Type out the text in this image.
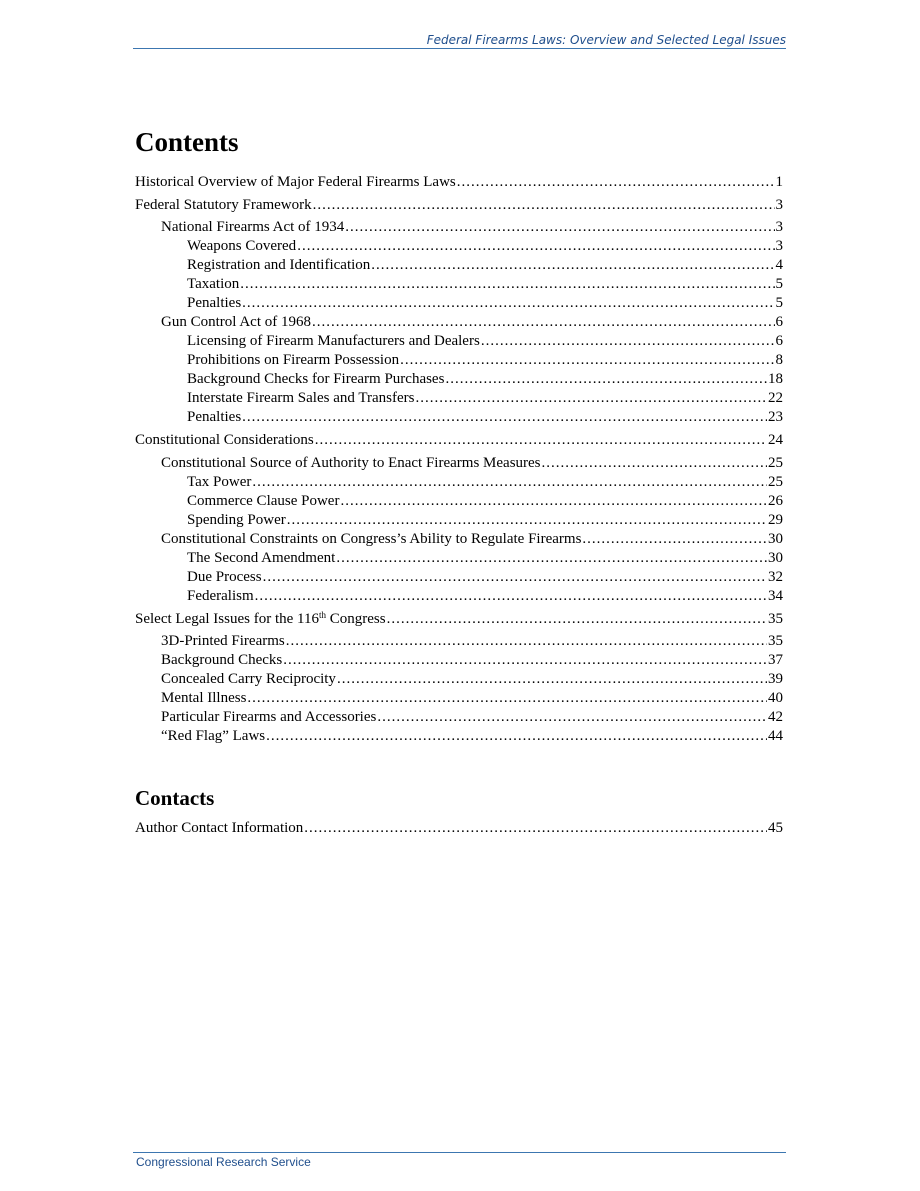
Federal Firearms Laws: Overview and Selected Legal Issues
Contents
Historical Overview of Major Federal Firearms Laws .....	1
Federal Statutory Framework .....	3
National Firearms Act of 1934 .....	3
Weapons Covered .....	3
Registration and Identification .....	4
Taxation .....	5
Penalties .....	5
Gun Control Act of 1968 .....	6
Licensing of Firearm Manufacturers and Dealers .....	6
Prohibitions on Firearm Possession .....	8
Background Checks for Firearm Purchases .....	18
Interstate Firearm Sales and Transfers .....	22
Penalties .....	23
Constitutional Considerations .....	24
Constitutional Source of Authority to Enact Firearms Measures .....	25
Tax Power .....	25
Commerce Clause Power .....	26
Spending Power .....	29
Constitutional Constraints on Congress’s Ability to Regulate Firearms .....	30
The Second Amendment .....	30
Due Process .....	32
Federalism .....	34
Select Legal Issues for the 116th Congress .....	35
3D-Printed Firearms .....	35
Background Checks .....	37
Concealed Carry Reciprocity .....	39
Mental Illness .....	40
Particular Firearms and Accessories .....	42
“Red Flag” Laws .....	44
Contacts
Author Contact Information .....	45
Congressional Research Service
